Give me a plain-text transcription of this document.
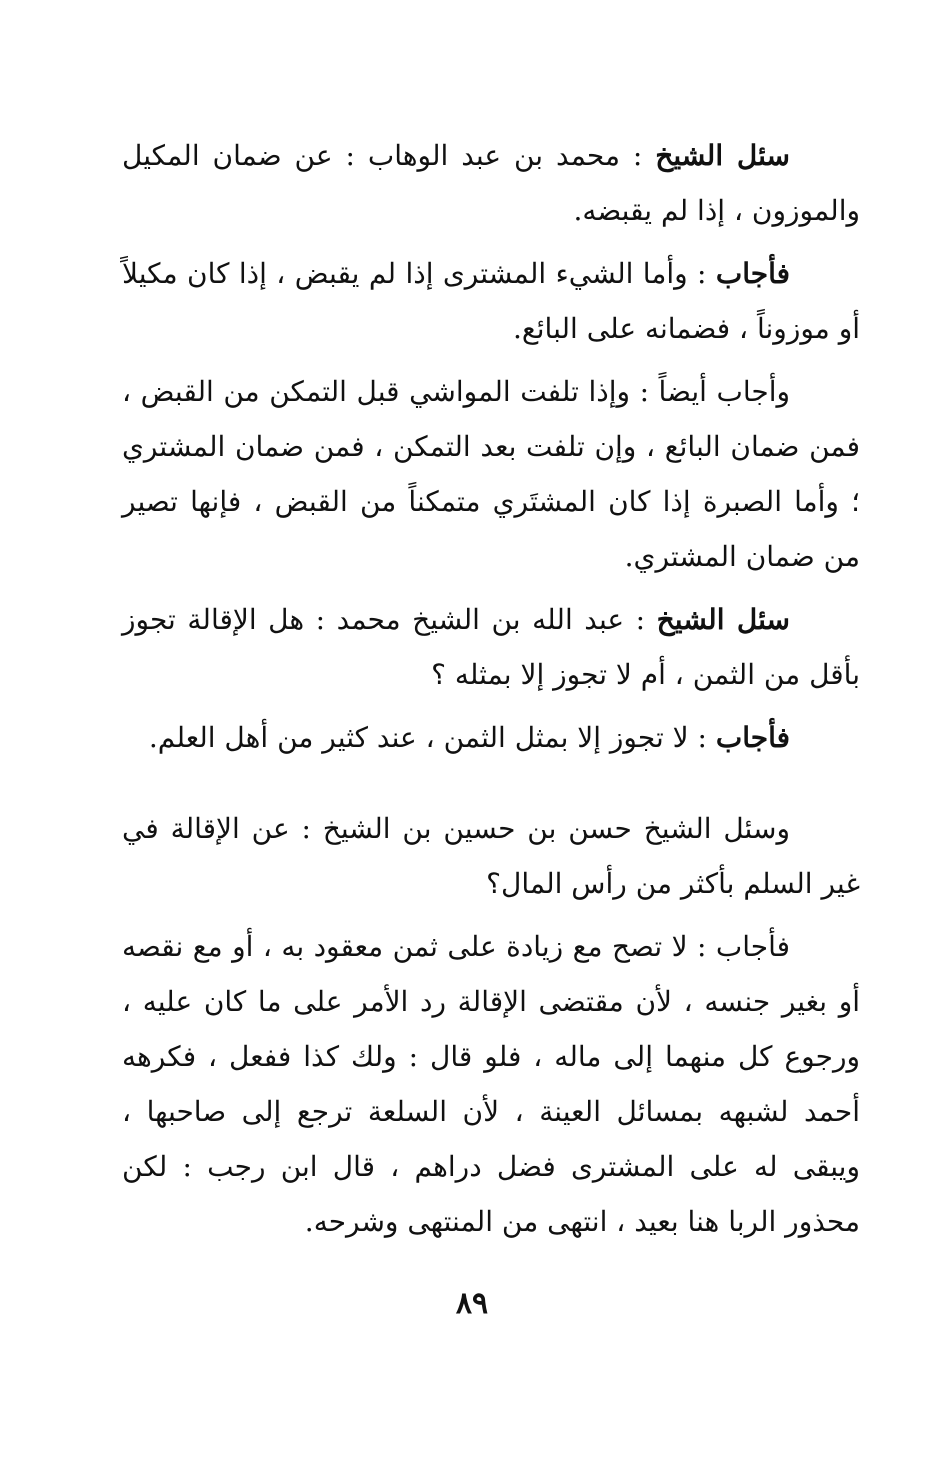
سئل الشيخ : محمد بن عبد الوهاب : عن ضمان المكيل والموزون ، إذا لم يقبضه.

فأجاب : وأما الشيء المشترى إذا لم يقبض ، إذا كان مكيلاً أو موزوناً ، فضمانه على البائع.

وأجاب أيضاً : وإذا تلفت المواشي قبل التمكن من القبض ، فمن ضمان البائع ، وإن تلفت بعد التمكن ، فمن ضمان المشتري ؛ وأما الصبرة إذا كان المشتَري متمكناً من القبض ، فإنها تصير من ضمان المشتري.

سئل الشيخ : عبد الله بن الشيخ محمد : هل الإقالة تجوز بأقل من الثمن ، أم لا تجوز إلا بمثله ؟

فأجاب : لا تجوز إلا بمثل الثمن ، عند كثير من أهل العلم.

وسئل الشيخ حسن بن حسين بن الشيخ : عن الإقالة في غير السلم بأكثر من رأس المال؟

فأجاب : لا تصح مع زيادة على ثمن معقود به ، أو مع نقصه أو بغير جنسه ، لأن مقتضى الإقالة رد الأمر على ما كان عليه ، ورجوع كل منهما إلى ماله ، فلو قال : ولك كذا ففعل ، فكرهه أحمد لشبهه بمسائل العينة ، لأن السلعة ترجع إلى صاحبها ، ويبقى له على المشترى فضل دراهم ، قال ابن رجب : لكن محذور الربا هنا بعيد ، انتهى من المنتهى وشرحه.

٨٩
